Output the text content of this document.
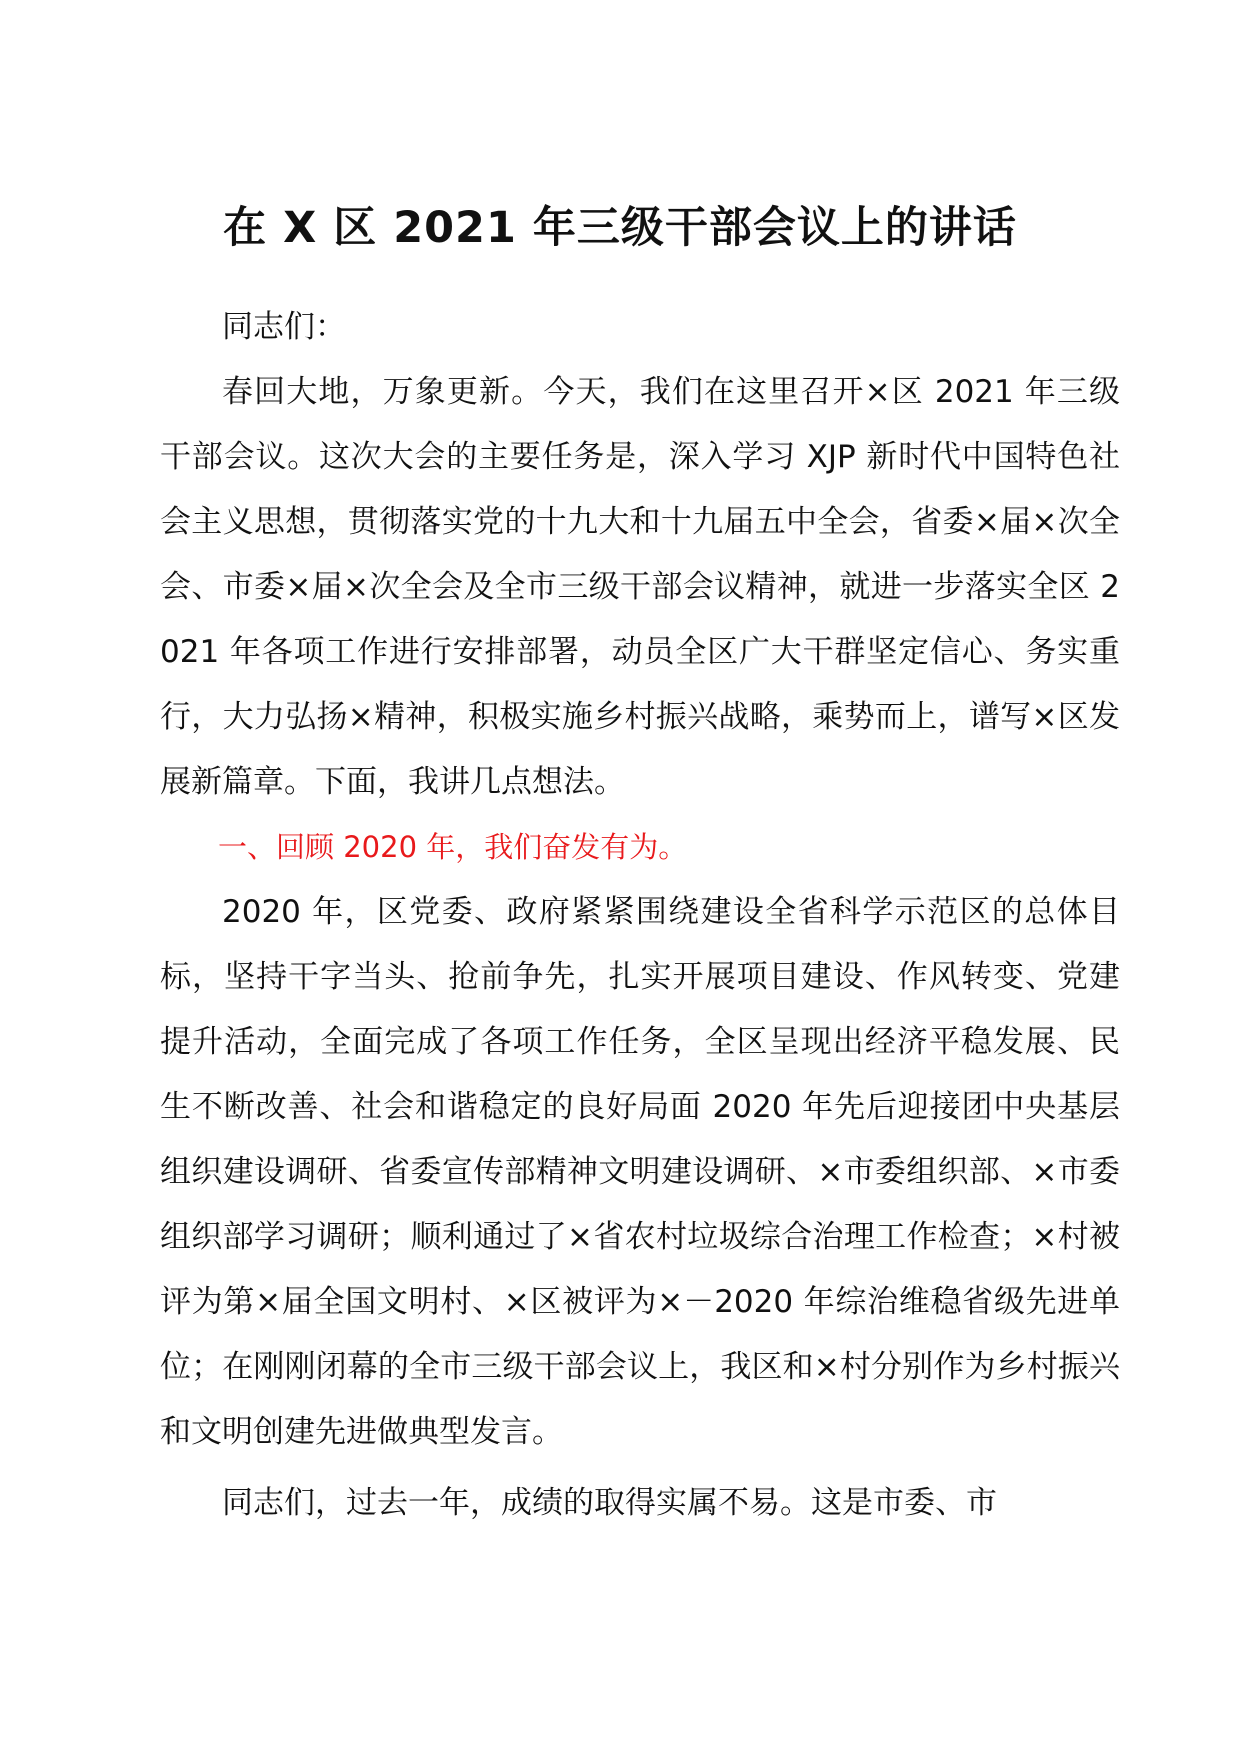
在 X 区 2021 年三级干部会议上的讲话

同志们：

春回大地，万象更新。今天，我们在这里召开×区 2021 年三级干部会议。这次大会的主要任务是，深入学习 XJP 新时代中国特色社会主义思想，贯彻落实党的十九大和十九届五中全会，省委×届×次全会、市委×届×次全会及全市三级干部会议精神，就进一步落实全区 2021 年各项工作进行安排部署，动员全区广大干群坚定信心、务实重行，大力弘扬×精神，积极实施乡村振兴战略，乘势而上，谱写×区发展新篇章。下面，我讲几点想法。

一、回顾 2020 年，我们奋发有为。

2020 年，区党委、政府紧紧围绕建设全省科学示范区的总体目标，坚持干字当头、抢前争先，扎实开展项目建设、作风转变、党建提升活动，全面完成了各项工作任务，全区呈现出经济平稳发展、民生不断改善、社会和谐稳定的良好局面 2020 年先后迎接团中央基层组织建设调研、省委宣传部精神文明建设调研、×市委组织部、×市委组织部学习调研；顺利通过了×省农村垃圾综合治理工作检查；×村被评为第×届全国文明村、×区被评为×－2020 年综治维稳省级先进单位；在刚刚闭幕的全市三级干部会议上，我区和×村分别作为乡村振兴和文明创建先进做典型发言。

同志们，过去一年，成绩的取得实属不易。这是市委、市
